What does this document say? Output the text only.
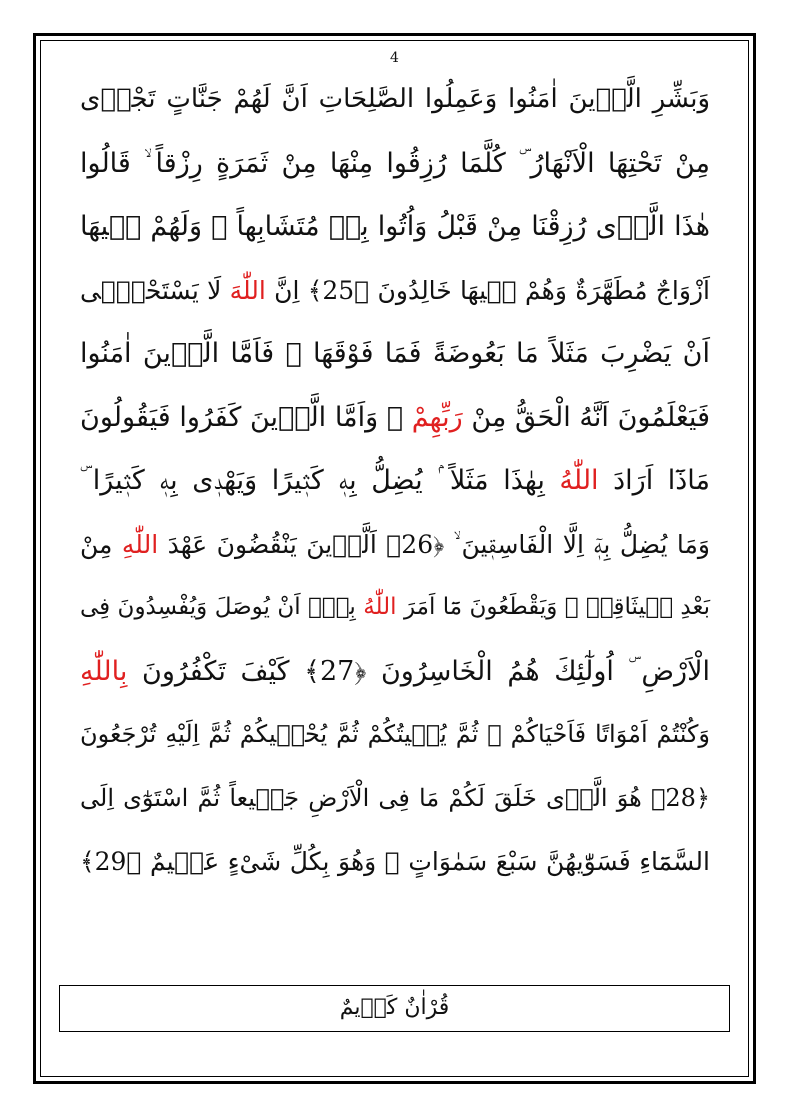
4
وَبَشِّرِ الَّذٖينَ اٰمَنُوا وَعَمِلُوا الصَّلِحَاتِ اَنَّ لَهُمْ جَنَّاتٍ تَجْرٖى
مِنْ تَحْتِهَا الْاَنْهَارُ ۜ كُلَّمَا رُزِقُوا مِنْهَا مِنْ ثَمَرَةٍ رِزْقاً ۙ قَالُوا
هٰذَا الَّذٖى رُزِقْنَا مِنْ قَبْلُ وَاُتُوا بِهٖ مُتَشَابِهاً ۜ وَلَهُمْ فٖيهَا
اَزْوَاجٌ مُطَهَّرَةٌ وَهُمْ فٖيهَا خَالِدُونَ ﴿25﴾ اِنَّ اللّٰهَ لَا يَسْتَحْيٖٓى
اَنْ يَضْرِبَ مَثَلاً مَا بَعُوضَةً فَمَا فَوْقَهَا ۜ فَاَمَّا الَّذٖينَ اٰمَنُوا
فَيَعْلَمُونَ اَنَّهُ الْحَقُّ مِنْ رَبِّهِمْ ۚ وَاَمَّا الَّذٖينَ كَفَرُوا فَيَقُولُونَ
مَاذَٓا اَرَادَ اللّٰهُ بِهٰذَا مَثَلاً ۢ يُضِلُّ بِهٖ كَثٖيرًا وَيَهْدٖى بِهٖ كَثٖيرًا ۜ
وَمَا يُضِلُّ بِهٖٓ اِلَّا الْفَاسِقٖينَ ۙ ﴿26﴾ اَلَّذٖينَ يَنْقُضُونَ عَهْدَ اللّٰهِ مِنْ
بَعْدِ مٖيثَاقِهٖ ۖ وَيَقْطَعُونَ مَٓا اَمَرَ اللّٰهُ بِهٖٓ اَنْ يُوصَلَ وَيُفْسِدُونَ فِى
الْاَرْضِ ۜ اُولٰٓئِكَ هُمُ الْخَاسِرُونَ ﴿27﴾ كَيْفَ تَكْفُرُونَ بِاللّٰهِ
وَكُنْتُمْ اَمْوَاتًا فَاَحْيَاكُمْ ۚ ثُمَّ يُمٖيتُكُمْ ثُمَّ يُحْيٖيكُمْ ثُمَّ اِلَيْهِ تُرْجَعُونَ
﴿28﴾ هُوَ الَّذٖى خَلَقَ لَكُمْ مَا فِى الْاَرْضِ جَمٖيعاً ثُمَّ اسْتَوٰٓى اِلَى
السَّمَٓاءِ فَسَوّٰيهُنَّ سَبْعَ سَمٰوَاتٍ ۜ وَهُوَ بِكُلِّ شَىْءٍ عَلٖيمٌ ﴿29﴾
قُرْاٰنٌ كَرٖيمٌ
